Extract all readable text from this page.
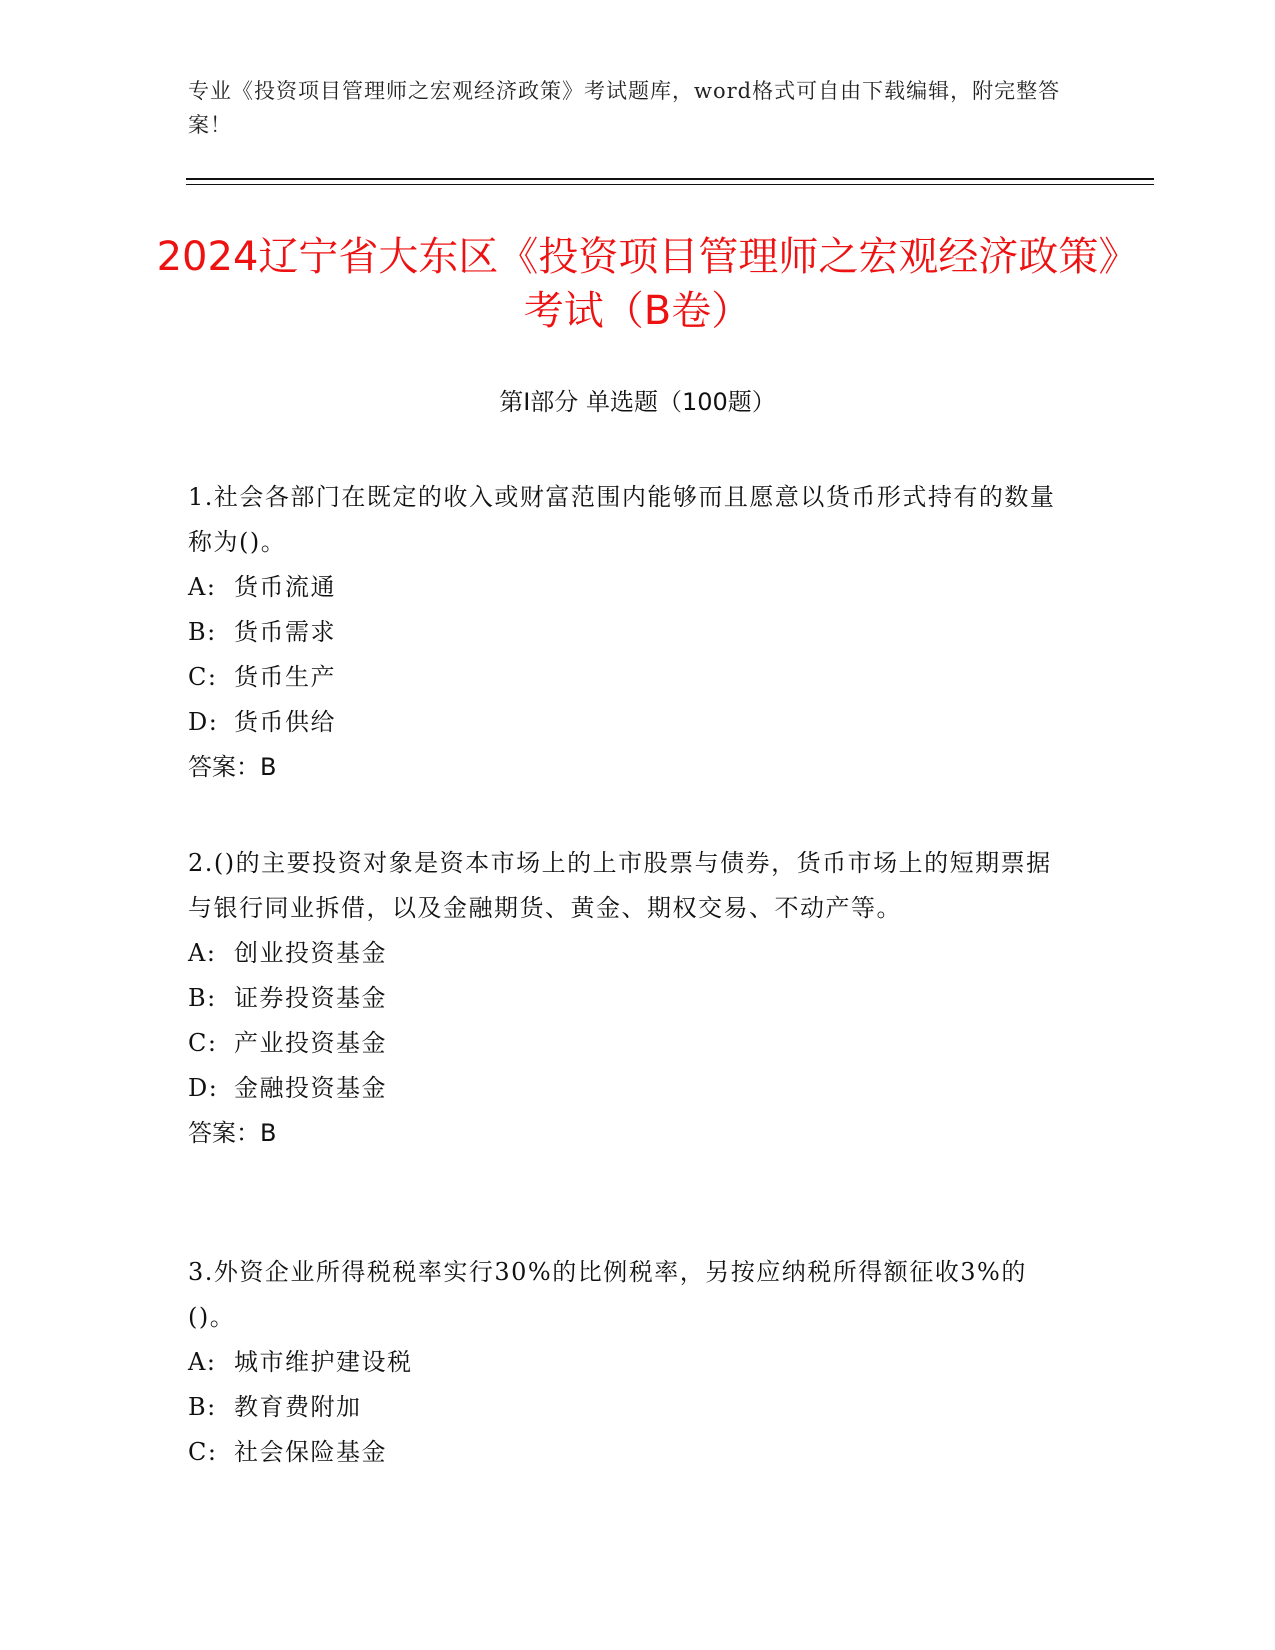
专业《投资项目管理师之宏观经济政策》考试题库，word格式可自由下载编辑，附完整答案！
2024辽宁省大东区《投资项目管理师之宏观经济政策》考试（B卷）
第I部分 单选题（100题）

1.社会各部门在既定的收入或财富范围内能够而且愿意以货币形式持有的数量称为()。

A: 货币流通

B: 货币需求

C: 货币生产

D: 货币供给

答案：B

2.()的主要投资对象是资本市场上的上市股票与债券，货币市场上的短期票据与银行同业拆借，以及金融期货、黄金、期权交易、不动产等。

A: 创业投资基金

B: 证券投资基金

C: 产业投资基金

D: 金融投资基金

答案：B

3.外资企业所得税税率实行30%的比例税率，另按应纳税所得额征收3%的()。

A: 城市维护建设税

B: 教育费附加

C: 社会保险基金
